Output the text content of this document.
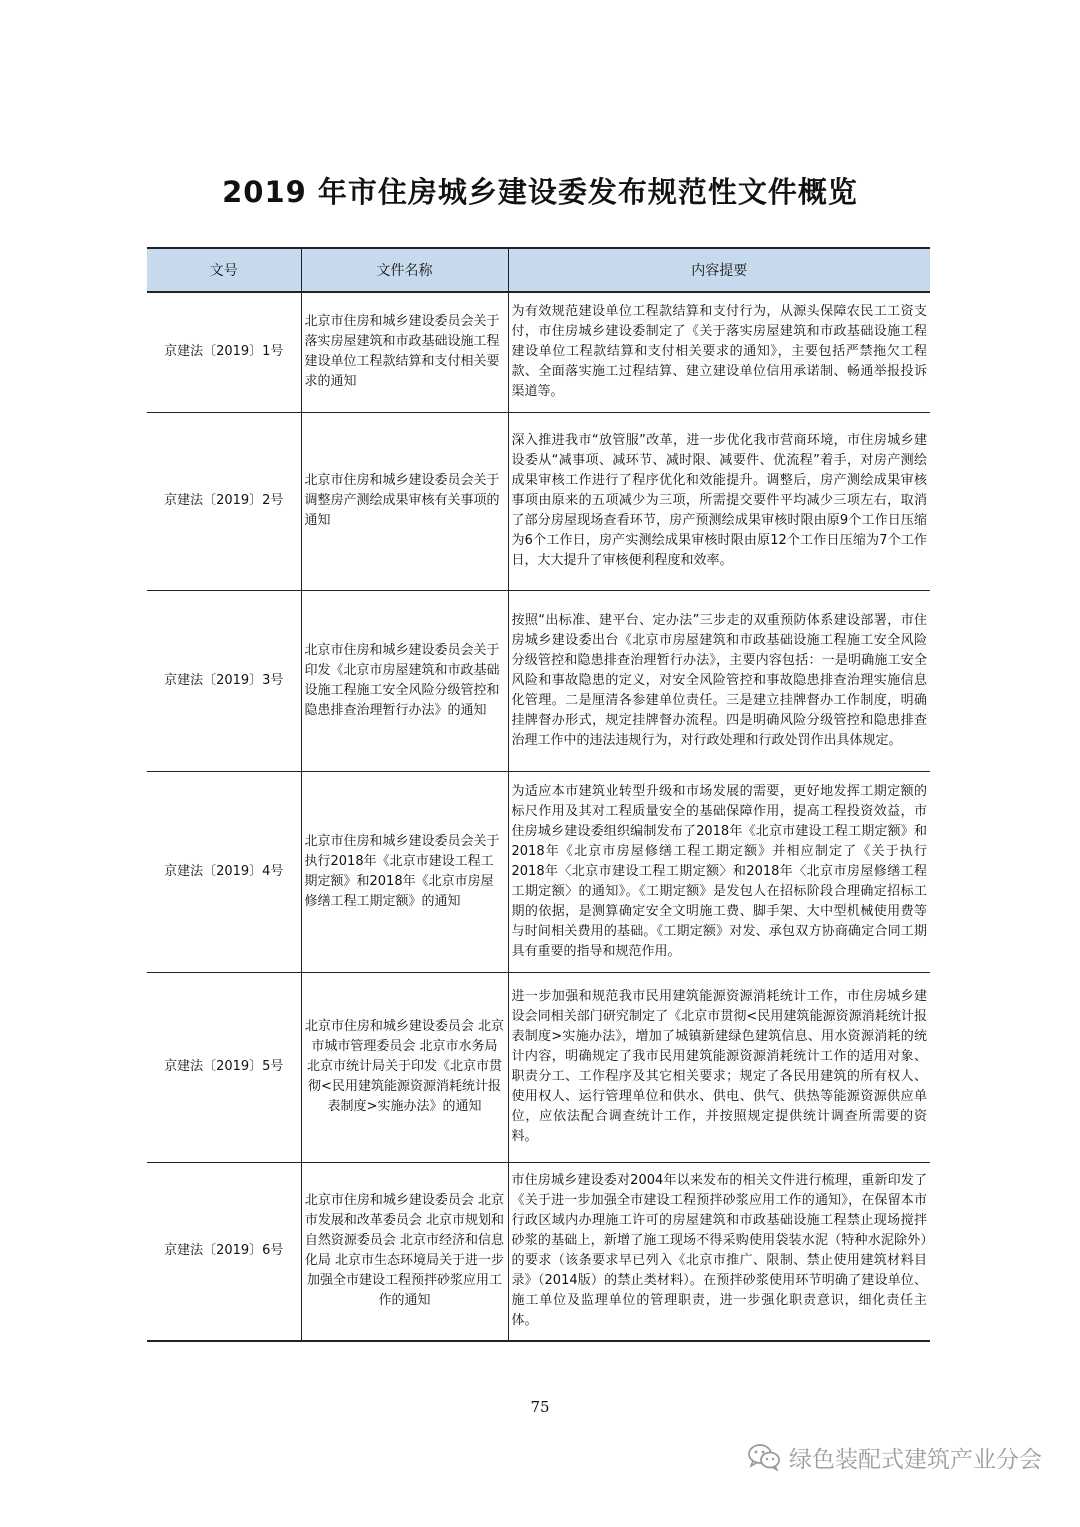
2019 年市住房城乡建设委发布规范性文件概览
文号	文件名称	内容提要
京建法〔2019〕1号	北京市住房和城乡建设委员会关于落实房屋建筑和市政基础设施工程建设单位工程款结算和支付相关要求的通知	为有效规范建设单位工程款结算和支付行为，从源头保障农民工工资支付，市住房城乡建设委制定了《关于落实房屋建筑和市政基础设施工程建设单位工程款结算和支付相关要求的通知》，主要包括严禁拖欠工程款、全面落实施工过程结算、建立建设单位信用承诺制、畅通举报投诉渠道等。
京建法〔2019〕2号	北京市住房和城乡建设委员会关于调整房产测绘成果审核有关事项的通知	深入推进我市“放管服”改革，进一步优化我市营商环境，市住房城乡建设委从“减事项、减环节、减时限、减要件、优流程”着手，对房产测绘成果审核工作进行了程序优化和效能提升。调整后，房产测绘成果审核事项由原来的五项减少为三项，所需提交要件平均减少三项左右，取消了部分房屋现场查看环节，房产预测绘成果审核时限由原9个工作日压缩为6个工作日，房产实测绘成果审核时限由原12个工作日压缩为7个工作日，大大提升了审核便利程度和效率。
京建法〔2019〕3号	北京市住房和城乡建设委员会关于印发《北京市房屋建筑和市政基础设施工程施工安全风险分级管控和隐患排查治理暂行办法》的通知	按照“出标准、建平台、定办法”三步走的双重预防体系建设部署，市住房城乡建设委出台《北京市房屋建筑和市政基础设施工程施工安全风险分级管控和隐患排查治理暂行办法》，主要内容包括：一是明确施工安全风险和事故隐患的定义，对安全风险管控和事故隐患排查治理实施信息化管理。二是厘清各参建单位责任。三是建立挂牌督办工作制度，明确挂牌督办形式，规定挂牌督办流程。四是明确风险分级管控和隐患排查治理工作中的违法违规行为，对行政处理和行政处罚作出具体规定。
京建法〔2019〕4号	北京市住房和城乡建设委员会关于执行2018年《北京市建设工程工期定额》和2018年《北京市房屋修缮工程工期定额》的通知	为适应本市建筑业转型升级和市场发展的需要，更好地发挥工期定额的标尺作用及其对工程质量安全的基础保障作用，提高工程投资效益，市住房城乡建设委组织编制发布了2018年《北京市建设工程工期定额》和2018年《北京市房屋修缮工程工期定额》并相应制定了《关于执行2018年〈北京市建设工程工期定额〉和2018年〈北京市房屋修缮工程工期定额〉的通知》。《工期定额》是发包人在招标阶段合理确定招标工期的依据，是测算确定安全文明施工费、脚手架、大中型机械使用费等与时间相关费用的基础。《工期定额》对发、承包双方协商确定合同工期具有重要的指导和规范作用。
京建法〔2019〕5号	北京市住房和城乡建设委员会 北京市城市管理委员会 北京市水务局 北京市统计局关于印发《北京市贯彻<民用建筑能源资源消耗统计报表制度>实施办法》的通知	进一步加强和规范我市民用建筑能源资源消耗统计工作，市住房城乡建设会同相关部门研究制定了《北京市贯彻<民用建筑能源资源消耗统计报表制度>实施办法》，增加了城镇新建绿色建筑信息、用水资源消耗的统计内容，明确规定了我市民用建筑能源资源消耗统计工作的适用对象、职责分工、工作程序及其它相关要求；规定了各民用建筑的所有权人、使用权人、运行管理单位和供水、供电、供气、供热等能源资源供应单位，应依法配合调查统计工作，并按照规定提供统计调查所需要的资料。
京建法〔2019〕6号	北京市住房和城乡建设委员会 北京市发展和改革委员会 北京市规划和自然资源委员会 北京市经济和信息化局 北京市生态环境局关于进一步加强全市建设工程预拌砂浆应用工作的通知	市住房城乡建设委对2004年以来发布的相关文件进行梳理，重新印发了《关于进一步加强全市建设工程预拌砂浆应用工作的通知》，在保留本市行政区域内办理施工许可的房屋建筑和市政基础设施工程禁止现场搅拌砂浆的基础上，新增了施工现场不得采购使用袋装水泥（特种水泥除外）的要求（该条要求早已列入《北京市推广、限制、禁止使用建筑材料目录》（2014版）的禁止类材料）。在预拌砂浆使用环节明确了建设单位、施工单位及监理单位的管理职责，进一步强化职责意识，细化责任主体。
75
绿色装配式建筑产业分会
